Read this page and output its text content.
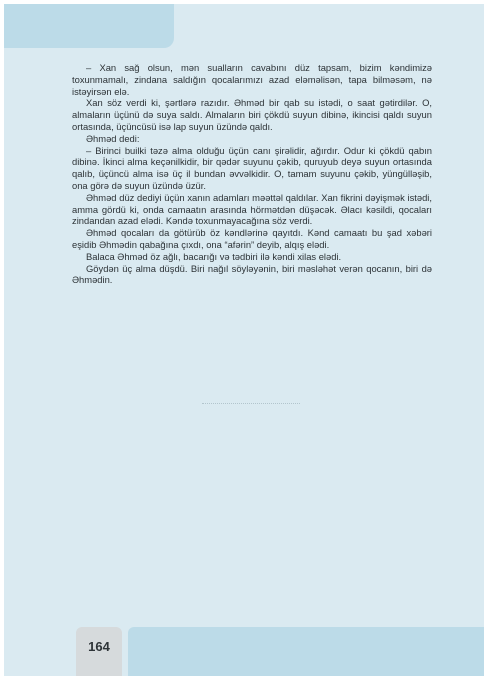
– Xan sağ olsun, mən sualların cavabını düz tapsam, bizim kəndimizə toxunmamalı, zindana saldığın qocalarımızı azad eləməlisən, tapa bilməsəm, nə istəyirsən elə.

Xan söz verdi ki, şərtlərə razıdır. Əhməd bir qab su istədi, o saat gətirdilər. O, almaların üçünü də suya saldı. Almaların biri çökdü suyun dibinə, ikincisi qaldı suyun ortasında, üçüncüsü isə lap suyun üzündə qaldı.

Əhməd dedi:

– Birinci builki təzə alma olduğu üçün canı şirəlidir, ağırdır. Odur ki çökdü qabın dibinə. İkinci alma keçənilkidir, bir qədər suyunu çəkib, quruyub deyə suyun ortasında qalıb, üçüncü alma isə üç il bundan əvvəlkidir. O, tamam suyunu çəkib, yüngülləşib, ona görə də suyun üzündə üzür.

Əhməd düz dediyi üçün xanın adamları məəttəl qaldılar. Xan fikrini dəyişmək istədi, amma gördü ki, onda camaatın arasında hörmətdən düşəcək. Əlacı kəsildi, qocaları zindandan azad elədi. Kəndə toxunmayacağına söz verdi.

Əhməd qocaları da götürüb öz kəndlərinə qayıtdı. Kənd camaatı bu şad xəbəri eşidib Əhmədin qabağına çıxdı, ona “afərin” deyib, alqış elədi.

Balaca Əhməd öz ağlı, bacarığı və tədbiri ilə kəndi xilas elədi.

Göydən üç alma düşdü. Biri nağıl söyləyənin, biri məsləhət verən qocanın, biri də Əhmədin.

164
